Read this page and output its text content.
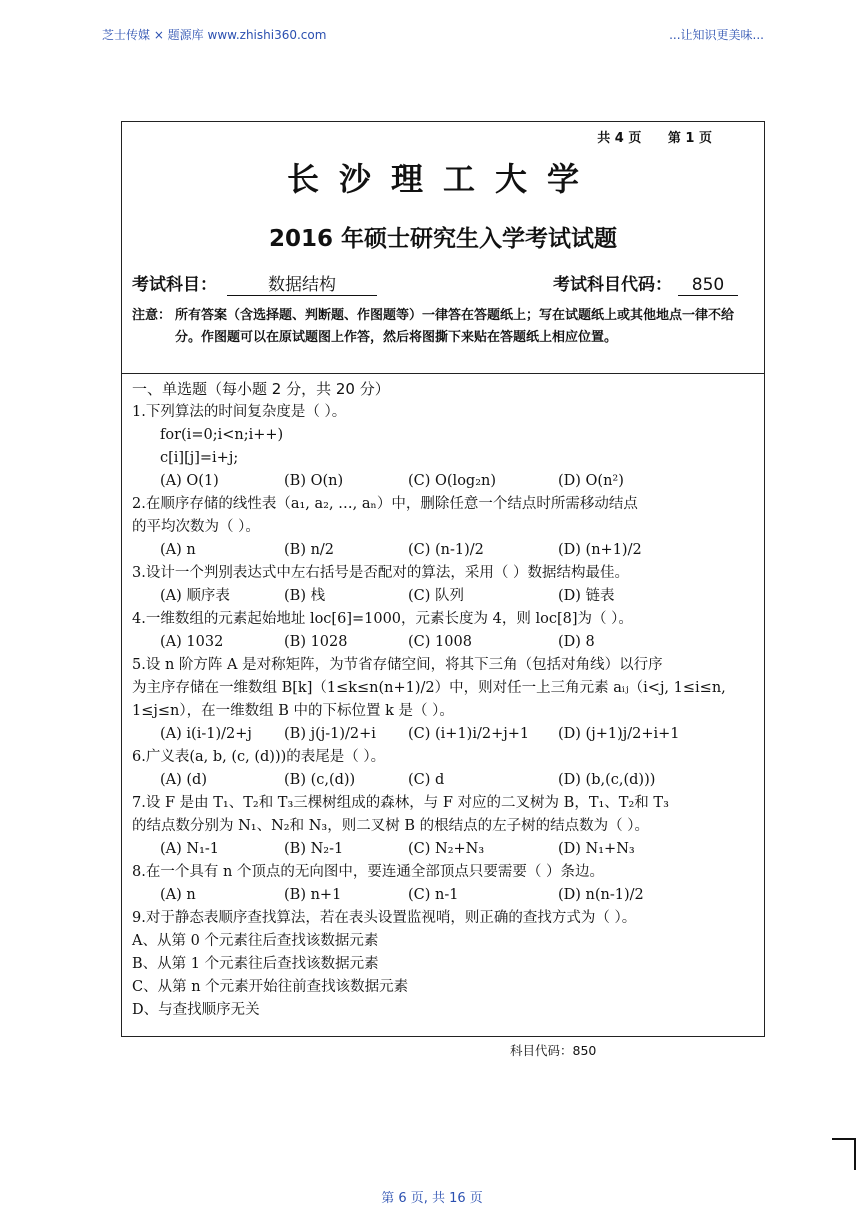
芝士传媒 × 题源库 www.zhishi360.com	...让知识更美味...
共 4 页 第 1 页
长沙理工大学
2016 年硕士研究生入学考试试题
考试科目：	数据结构	考试科目代码： 850
注意： 所有答案（含选择题、判断题、作图题等）一律答在答题纸上；写在试题纸上或其他地点一律不给分。作图题可以在原试题图上作答，然后将图撕下来贴在答题纸上相应位置。
一、单选题（每小题 2 分，共 20 分）
1.下列算法的时间复杂度是（ ）。
for(i=0;i<n;i++)
c[i][j]=i+j;
(A) O(1)	(B) O(n)	(C) O(log₂n)	(D) O(n²)
2.在顺序存储的线性表（a₁, a₂, …, aₙ）中，删除任意一个结点时所需移动结点
的平均次数为（ ）。
(A) n	(B) n/2	(C) (n-1)/2	(D) (n+1)/2
3.设计一个判别表达式中左右括号是否配对的算法，采用（ ）数据结构最佳。
(A) 顺序表	(B) 栈	(C) 队列	(D) 链表
4.一维数组的元素起始地址 loc[6]=1000，元素长度为 4，则 loc[8]为（ ）。
(A) 1032	(B) 1028	(C) 1008	(D) 8
5.设 n 阶方阵 A 是对称矩阵，为节省存储空间，将其下三角（包括对角线）以行序
为主序存储在一维数组 B[k]（1≤k≤n(n+1)/2）中，则对任一上三角元素 aᵢⱼ（i<j, 1≤i≤n,
1≤j≤n），在一维数组 B 中的下标位置 k 是（ ）。
(A) i(i-1)/2+j	(B) j(j-1)/2+i	(C) (i+1)i/2+j+1	(D) (j+1)j/2+i+1
6.广义表(a, b, (c, (d)))的表尾是（ ）。
(A) (d)	(B) (c,(d))	(C) d	(D) (b,(c,(d)))
7.设 F 是由 T₁、T₂和 T₃三棵树组成的森林，与 F 对应的二叉树为 B，T₁、T₂和 T₃
的结点数分别为 N₁、N₂和 N₃，则二叉树 B 的根结点的左子树的结点数为（ ）。
(A) N₁-1	(B) N₂-1	(C) N₂+N₃	(D) N₁+N₃
8.在一个具有 n 个顶点的无向图中，要连通全部顶点只要需要（ ）条边。
(A) n	(B) n+1	(C) n-1	(D) n(n-1)/2
9.对于静态表顺序查找算法，若在表头设置监视哨，则正确的查找方式为（ ）。
A、从第 0 个元素往后查找该数据元素
B、从第 1 个元素往后查找该数据元素
C、从第 n 个元素开始往前查找该数据元素
D、与查找顺序无关
科目代码：850
第 6 页, 共 16 页
